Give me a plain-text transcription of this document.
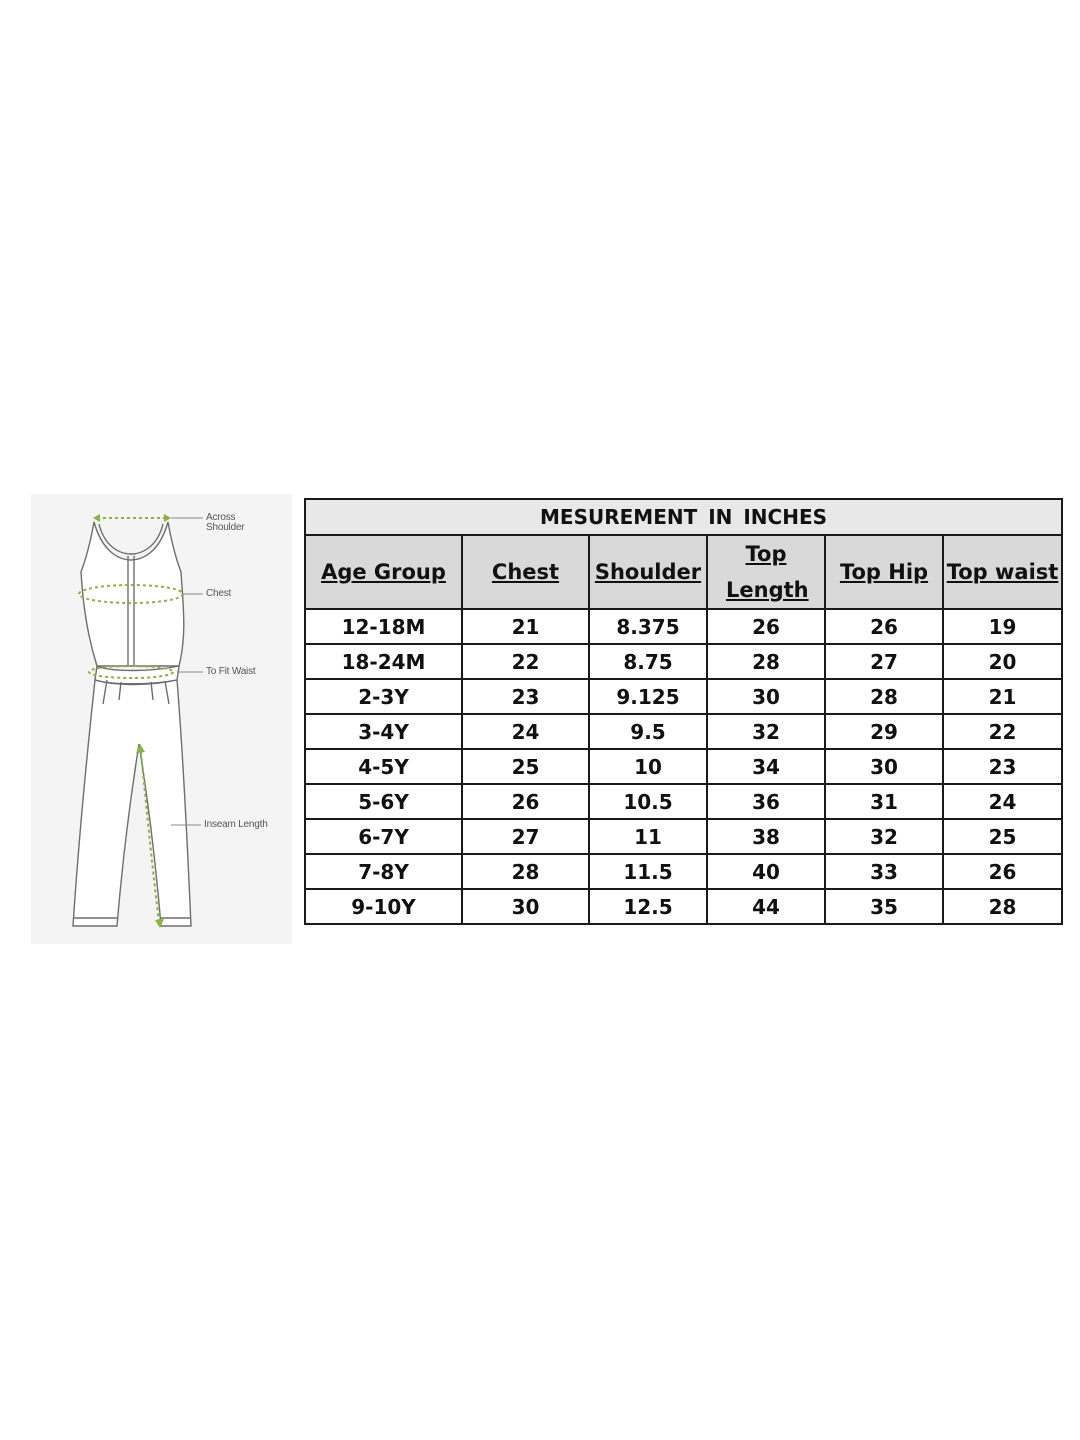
Across
Shoulder
Chest
To Fit Waist
Inseam Length
MESUREMENT IN INCHES					
Age Group	Chest	Shoulder	Top Length	Top Hip	Top waist
12-18M	21	8.375	26	26	19
18-24M	22	8.75	28	27	20
2-3Y	23	9.125	30	28	21
3-4Y	24	9.5	32	29	22
4-5Y	25	10	34	30	23
5-6Y	26	10.5	36	31	24
6-7Y	27	11	38	32	25
7-8Y	28	11.5	40	33	26
9-10Y	30	12.5	44	35	28
